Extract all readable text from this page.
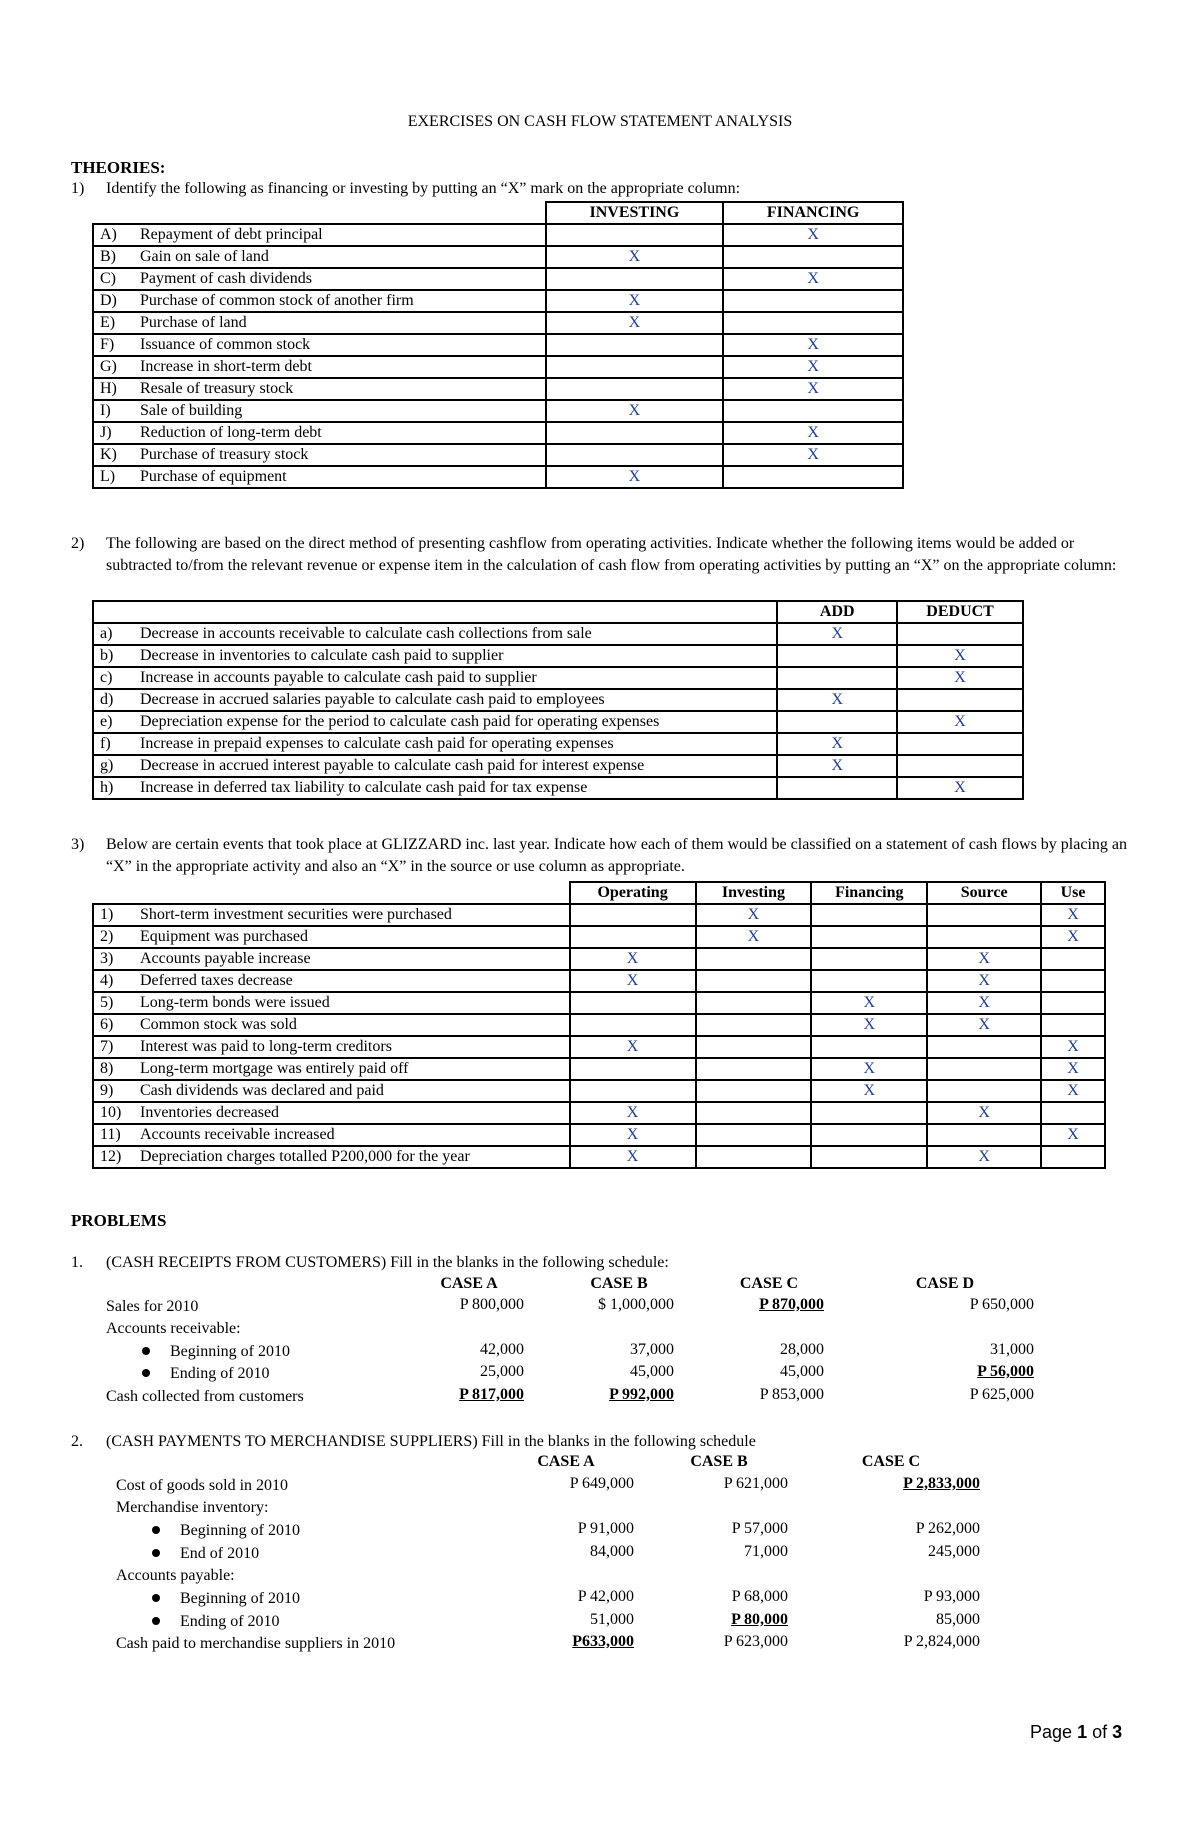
EXERCISES ON CASH FLOW STATEMENT ANALYSIS
THEORIES:
1) Identify the following as financing or investing by putting an “X” mark on the appropriate column:
	INVESTING	FINANCING
A) Repayment of debt principal		X
B) Gain on sale of land	X	
C) Payment of cash dividends		X
D) Purchase of common stock of another firm	X	
E) Purchase of land	X	
F) Issuance of common stock		X
G) Increase in short-term debt		X
H) Resale of treasury stock		X
I) Sale of building	X	
J) Reduction of long-term debt		X
K) Purchase of treasury stock		X
L) Purchase of equipment	X	
2) The following are based on the direct method of presenting cashflow from operating activities. Indicate whether the following items would be added or subtracted to/from the relevant revenue or expense item in the calculation of cash flow from operating activities by putting an “X” on the appropriate column:
	ADD	DEDUCT
a) Decrease in accounts receivable to calculate cash collections from sale	X	
b) Decrease in inventories to calculate cash paid to supplier		X
c) Increase in accounts payable to calculate cash paid to supplier		X
d) Decrease in accrued salaries payable to calculate cash paid to employees	X	
e) Depreciation expense for the period to calculate cash paid for operating expenses		X
f) Increase in prepaid expenses to calculate cash paid for operating expenses	X	
g) Decrease in accrued interest payable to calculate cash paid for interest expense	X	
h) Increase in deferred tax liability to calculate cash paid for tax expense		X
3) Below are certain events that took place at GLIZZARD inc. last year. Indicate how each of them would be classified on a statement of cash flows by placing an “X” in the appropriate activity and also an “X” in the source or use column as appropriate.
	Operating	Investing	Financing	Source	Use
1) Short-term investment securities were purchased		X			X
2) Equipment was purchased		X			X
3) Accounts payable increase	X			X	
4) Deferred taxes decrease	X			X	
5) Long-term bonds were issued			X	X	
6) Common stock was sold			X	X	
7) Interest was paid to long-term creditors	X				X
8) Long-term mortgage was entirely paid off			X		X
9) Cash dividends was declared and paid			X		X
10) Inventories decreased	X			X	
11) Accounts receivable increased	X				X
12) Depreciation charges totalled P200,000 for the year	X			X	
PROBLEMS
1. (CASH RECEIPTS FROM CUSTOMERS) Fill in the blanks in the following schedule:
CASE A	CASE B	CASE C	CASE D
Sales for 2010	P 800,000	$ 1,000,000	P 870,000	P 650,000
Accounts receivable:
Beginning of 2010	42,000	37,000	28,000	31,000
Ending of 2010	25,000	45,000	45,000	P 56,000
Cash collected from customers	P 817,000	P 992,000	P 853,000	P 625,000
2. (CASH PAYMENTS TO MERCHANDISE SUPPLIERS) Fill in the blanks in the following schedule
CASE A	CASE B	CASE C
Cost of goods sold in 2010	P 649,000	P 621,000	P 2,833,000
Merchandise inventory:
Beginning of 2010	P 91,000	P 57,000	P 262,000
End of 2010	84,000	71,000	245,000
Accounts payable:
Beginning of 2010	P 42,000	P 68,000	P 93,000
Ending of 2010	51,000	P 80,000	85,000
Cash paid to merchandise suppliers in 2010	P633,000	P 623,000	P 2,824,000
Page 1 of 3
